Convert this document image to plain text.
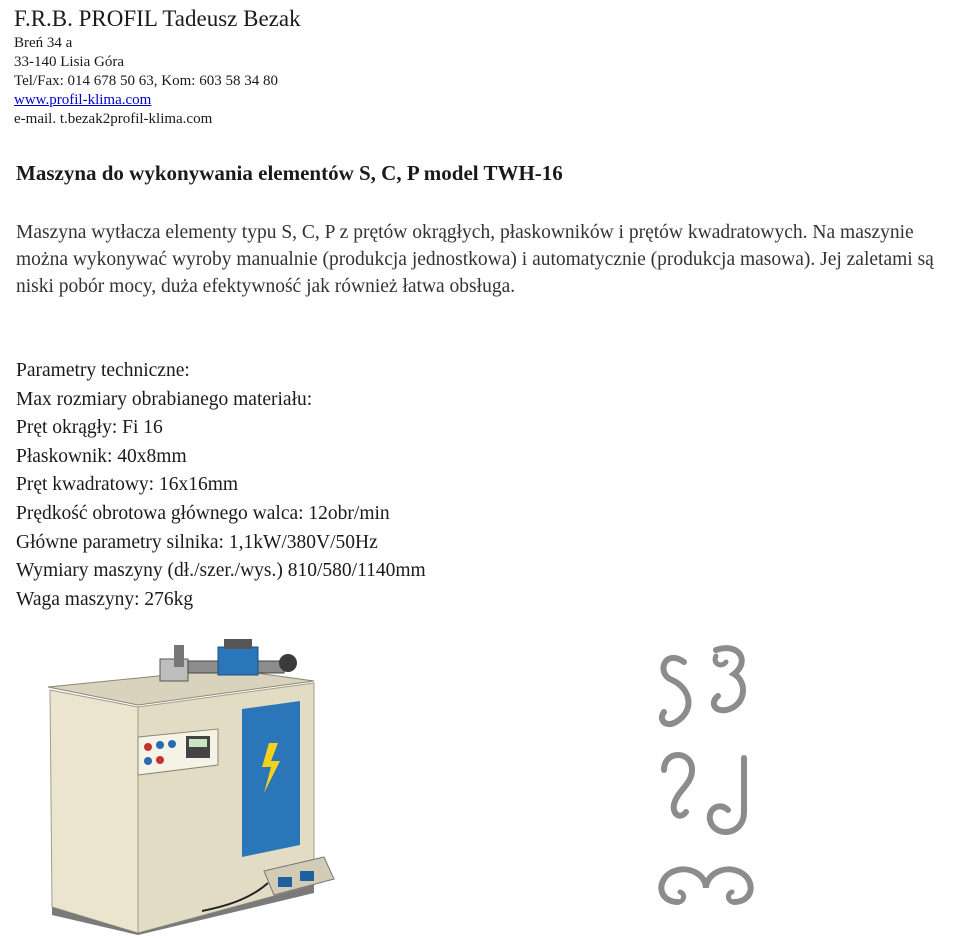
F.R.B. PROFIL Tadeusz Bezak
Breń 34 a
33-140 Lisia Góra
Tel/Fax: 014 678 50 63, Kom: 603 58 34 80
www.profil-klima.com
e-mail. t.bezak2profil-klima.com
Maszyna do wykonywania elementów S, C, P model TWH-16
Maszyna wytłacza elementy typu S, C, P z prętów okrągłych, płaskowników i prętów kwadratowych. Na maszynie można wykonywać wyroby manualnie (produkcja jednostkowa) i automatycznie (produkcja masowa). Jej zaletami są niski pobór mocy, duża efektywność jak również łatwa obsługa.
Parametry techniczne:
Max rozmiary obrabianego materiału:
Pręt okrągły: Fi 16
Płaskownik: 40x8mm
Pręt kwadratowy: 16x16mm
Prędkość obrotowa głównego walca: 12obr/min
Główne parametry silnika: 1,1kW/380V/50Hz
Wymiary maszyny (dł./szer./wys.) 810/580/1140mm
Waga maszyny: 276kg
